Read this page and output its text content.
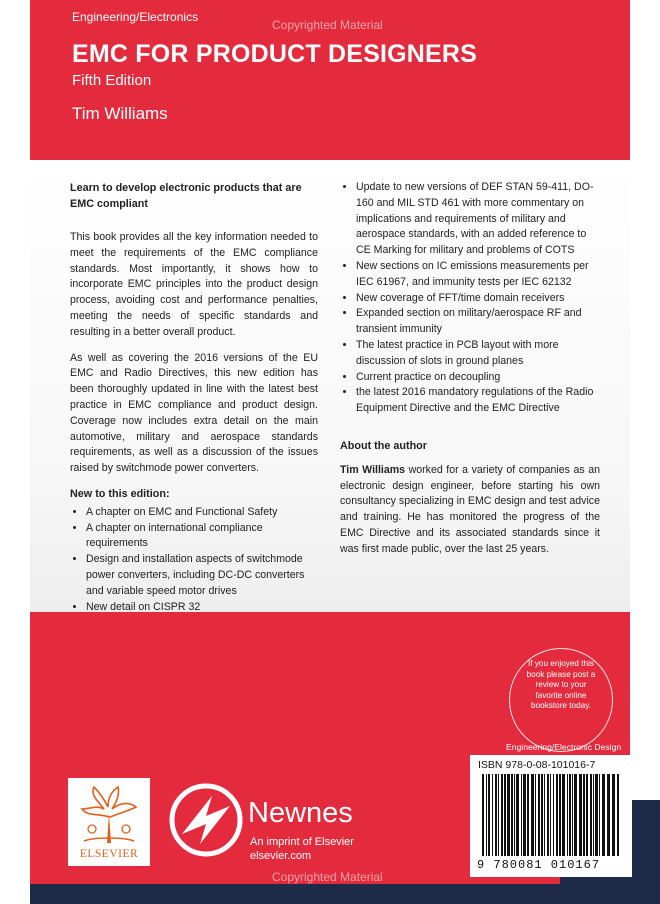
Engineering/Electronics
Copyrighted Material
EMC FOR PRODUCT DESIGNERS
Fifth Edition
Tim Williams
Learn to develop electronic products that are EMC compliant

This book provides all the key information needed to meet the requirements of the EMC compliance standards. Most importantly, it shows how to incorporate EMC principles into the product design process, avoiding cost and performance penalties, meeting the needs of specific standards and resulting in a better overall product.

As well as covering the 2016 versions of the EU EMC and Radio Directives, this new edition has been thoroughly updated in line with the latest best practice in EMC compliance and product design. Coverage now includes extra detail on the main automotive, military and aerospace standards requirements, as well as a discussion of the issues raised by switchmode power converters.

New to this edition:
• A chapter on EMC and Functional Safety
• A chapter on international compliance requirements
• Design and installation aspects of switchmode power converters, including DC-DC converters and variable speed motor drives
• New detail on CISPR 32
• Update to new versions of DEF STAN 59-411, DO-160 and MIL STD 461 with more commentary on implications and requirements of military and aerospace standards, with an added reference to CE Marking for military and problems of COTS
• New sections on IC emissions measurements per IEC 61967, and immunity tests per IEC 62132
• New coverage of FFT/time domain receivers
• Expanded section on military/aerospace RF and transient immunity
• The latest practice in PCB layout with more discussion of slots in ground planes
• Current practice on decoupling
• the latest 2016 mandatory regulations of the Radio Equipment Directive and the EMC Directive
About the author

Tim Williams worked for a variety of companies as an electronic design engineer, before starting his own consultancy specializing in EMC design and test advice and training. He has monitored the progress of the EMC Directive and its associated standards since it was first made public, over the last 25 years.

If you enjoyed this book please post a review to your favorite online bookstore today.
Engineering/Electronic Design
ISBN 978-0-08-101016-7
9 780081 010167
ELSEVIER
Newnes
An imprint of Elsevier
elsevier.com
Copyrighted Material
